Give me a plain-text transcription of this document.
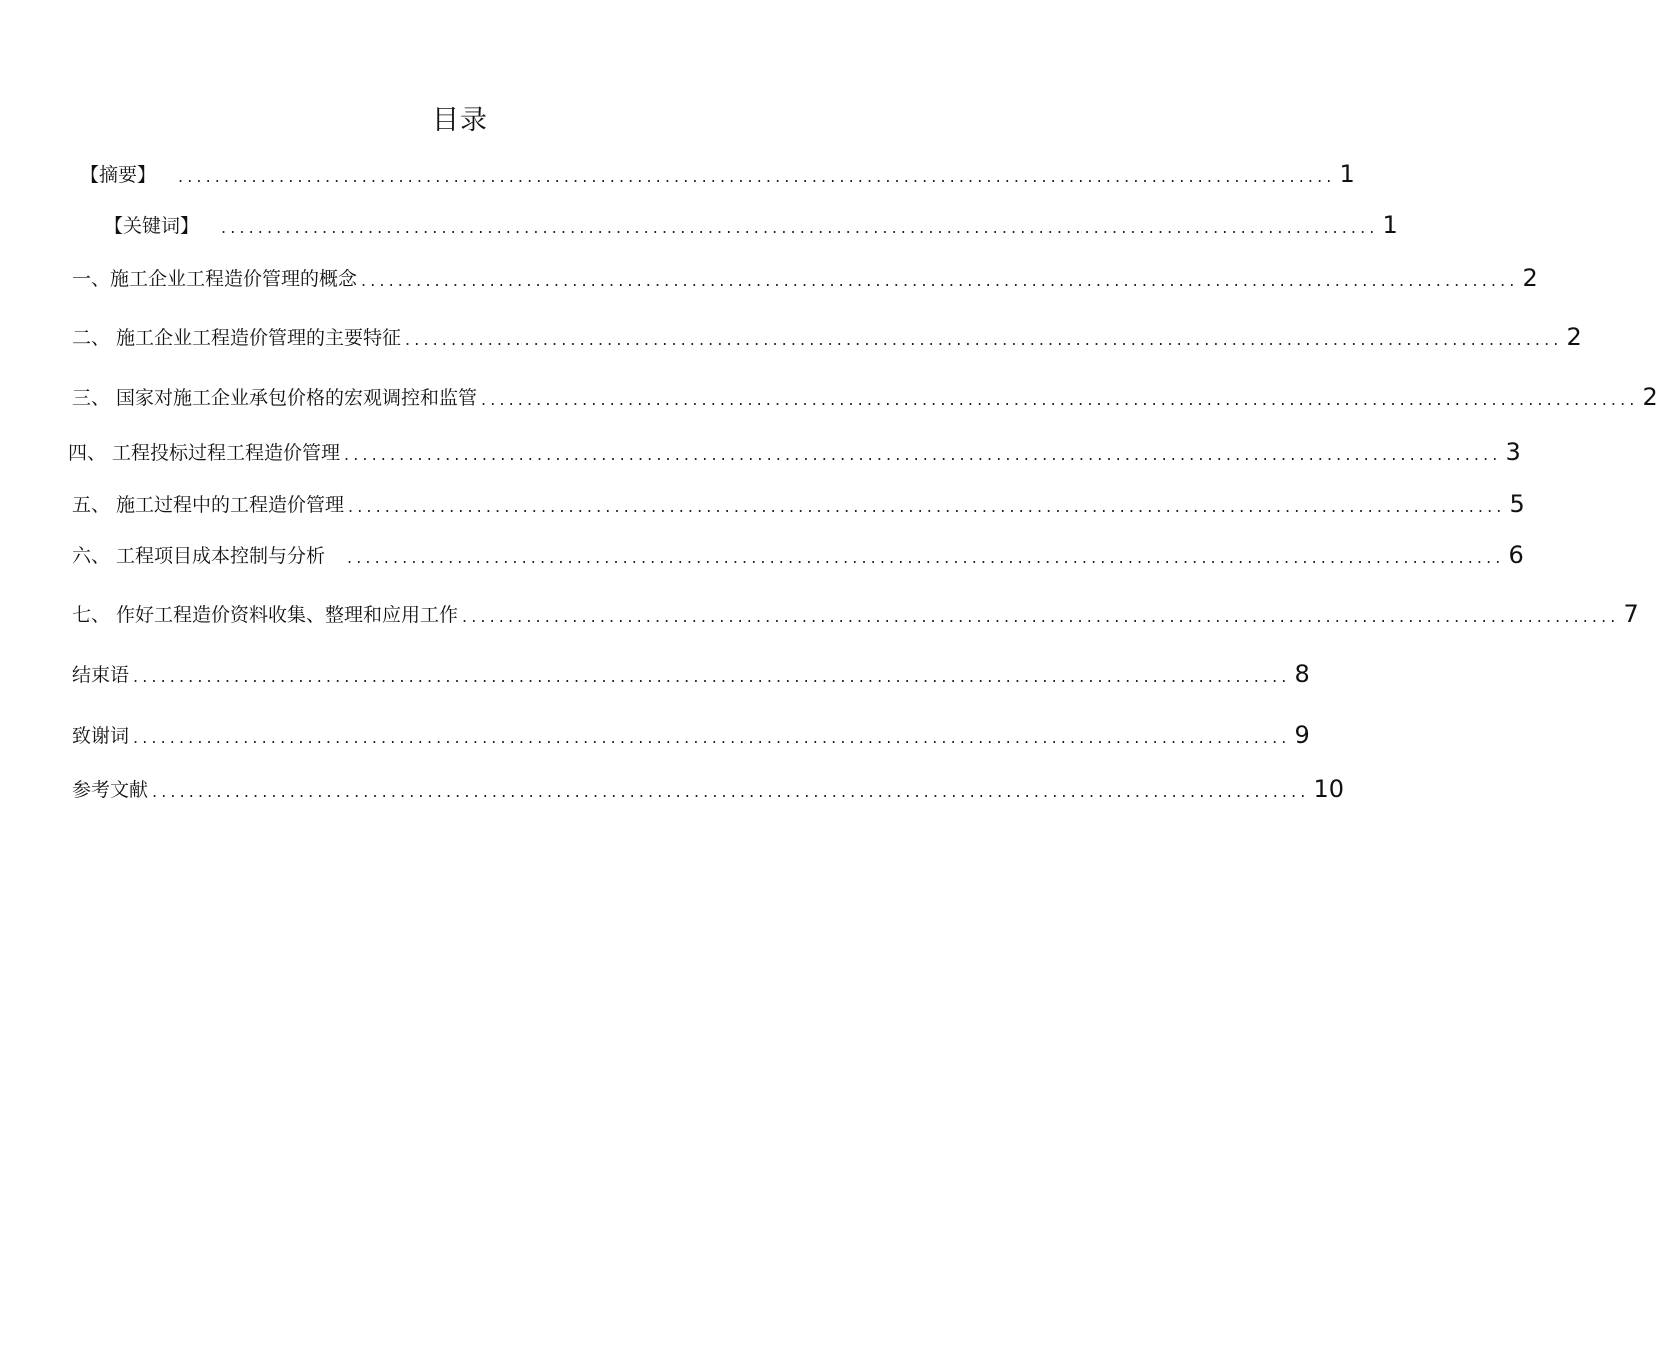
目录
【摘要】 .............................................................................................................................. 1
【关键词】 .............................................................................................................................. 1
一、施工企业工程造价管理的概念 .............................................................................................................................. 2
二、 施工企业工程造价管理的主要特征 .............................................................................................................................. 2
三、 国家对施工企业承包价格的宏观调控和监管 .............................................................................................................................. 2
四、 工程投标过程工程造价管理 .............................................................................................................................. 3
五、 施工过程中的工程造价管理 .............................................................................................................................. 5
六、 工程项目成本控制与分析 .............................................................................................................................. 6
七、 作好工程造价资料收集、整理和应用工作 .............................................................................................................................. 7
结束语 .............................................................................................................................. 8
致谢词 .............................................................................................................................. 9
参考文献 .............................................................................................................................. 10
